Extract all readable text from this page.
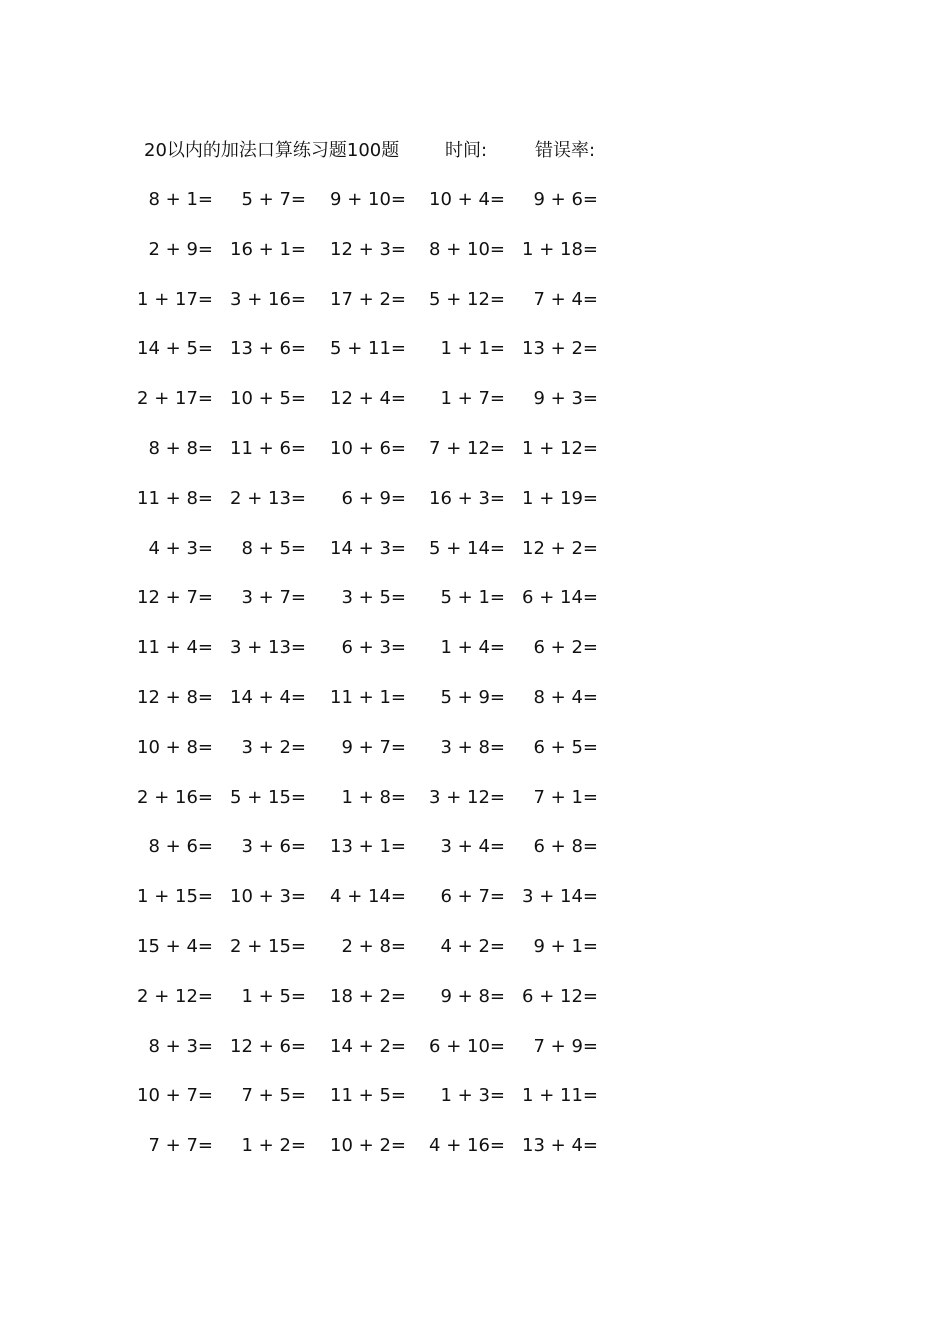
20以内的加法口算练习题100题	时间:	错误率:
8 + 1= 5 + 7= 9 + 10= 10 + 4= 9 + 6=
2 + 9= 16 + 1= 12 + 3= 8 + 10= 1 + 18=
1 + 17= 3 + 16= 17 + 2= 5 + 12= 7 + 4=
14 + 5= 13 + 6= 5 + 11= 1 + 1= 13 + 2=
2 + 17= 10 + 5= 12 + 4= 1 + 7= 9 + 3=
8 + 8= 11 + 6= 10 + 6= 7 + 12= 1 + 12=
11 + 8= 2 + 13= 6 + 9= 16 + 3= 1 + 19=
4 + 3= 8 + 5= 14 + 3= 5 + 14= 12 + 2=
12 + 7= 3 + 7= 3 + 5= 5 + 1= 6 + 14=
11 + 4= 3 + 13= 6 + 3= 1 + 4= 6 + 2=
12 + 8= 14 + 4= 11 + 1= 5 + 9= 8 + 4=
10 + 8= 3 + 2= 9 + 7= 3 + 8= 6 + 5=
2 + 16= 5 + 15= 1 + 8= 3 + 12= 7 + 1=
8 + 6= 3 + 6= 13 + 1= 3 + 4= 6 + 8=
1 + 15= 10 + 3= 4 + 14= 6 + 7= 3 + 14=
15 + 4= 2 + 15= 2 + 8= 4 + 2= 9 + 1=
2 + 12= 1 + 5= 18 + 2= 9 + 8= 6 + 12=
8 + 3= 12 + 6= 14 + 2= 6 + 10= 7 + 9=
10 + 7= 7 + 5= 11 + 5= 1 + 3= 1 + 11=
7 + 7= 1 + 2= 10 + 2= 4 + 16= 13 + 4=
